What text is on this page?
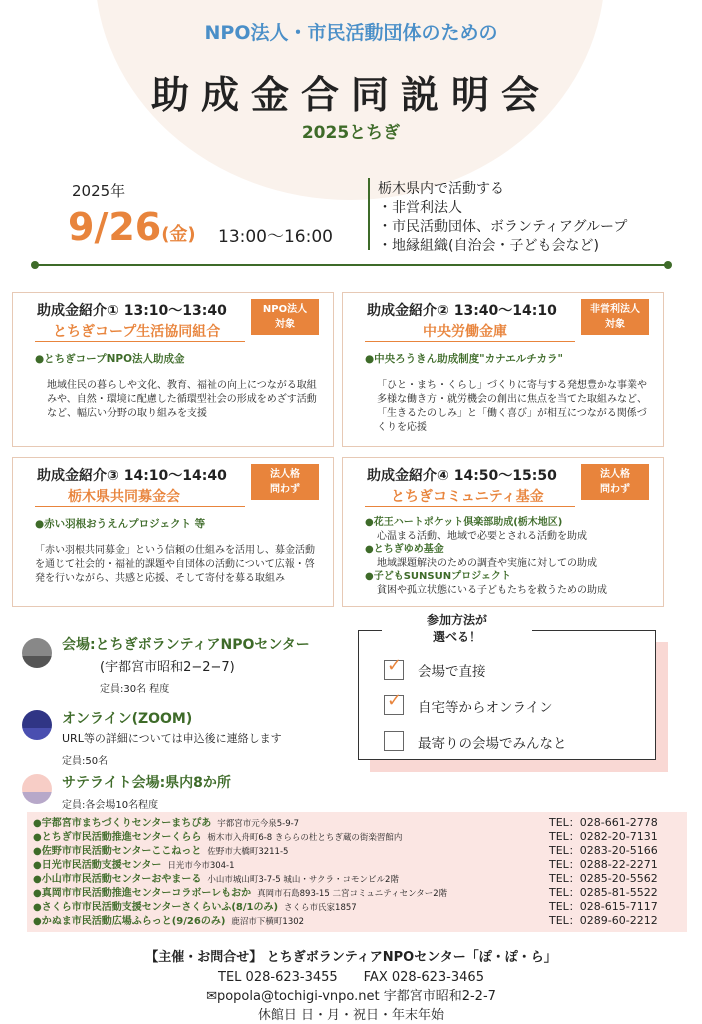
NPO法人・市民活動団体のための
助成金合同説明会
2025とちぎ
2025年
9/26(金) 13:00〜16:00
栃木県内で活動する
・非営利法人
・市民活動団体、ボランティアグループ
・地縁組織(自治会・子ども会など)
助成金紹介① 13:10〜13:40
とちぎコープ生活協同組合
NPO法人
対象
●とちぎコープNPO法人助成金
地域住民の暮らしや文化、教育、福祉の向上につながる取組みや、自然・環境に配慮した循環型社会の形成をめざす活動など、幅広い分野の取り組みを支援
助成金紹介② 13:40〜14:10
中央労働金庫
非営利法人
対象
●中央ろうきん助成制度"カナエルチカラ"
「ひと・まち・くらし」づくりに寄与する発想豊かな事業や多様な働き方・就労機会の創出に焦点を当てた取組みなど、「生きるたのしみ」と「働く喜び」が相互につながる関係づくりを応援
助成金紹介③ 14:10〜14:40
栃木県共同募金会
法人格
問わず
●赤い羽根おうえんプロジェクト 等
「赤い羽根共同募金」という信頼の仕組みを活用し、募金活動を通じて社会的・福祉的課題や自団体の活動について広報・啓発を行いながら、共感と応援、そして寄付を募る取組み
助成金紹介④ 14:50〜15:50
とちぎコミュニティ基金
法人格
問わず
●花王ハートポケット倶楽部助成(栃木地区)
心温まる活動、地域で必要とされる活動を助成
●とちぎゆめ基金
地域課題解決のための調査や実施に対しての助成
●子どもSUNSUNプロジェクト
貧困や孤立状態にいる子どもたちを救うための助成
会場:とちぎボランティアNPOセンター
(宇都宮市昭和2−2−7)
定員:30名 程度
オンライン(ZOOM)
URL等の詳細については申込後に連絡します
定員:50名
サテライト会場:県内8か所
定員:各会場10名程度
参加方法が
選べる！
✓ 会場で直接
✓ 自宅等からオンライン
最寄りの会場でみんなと
●宇都宮市まちづくりセンターまちぴあ 宇都宮市元今泉5-9-7	TEL：028-661-2778
●とちぎ市民活動推進センターくらら 栃木市入舟町6-8 きららの杜とちぎ蔵の街楽習館内	TEL：0282-20-7131
●佐野市市民活動センターここねっと 佐野市大橋町3211-5	TEL：0283-20-5166
●日光市民活動支援センター 日光市今市304-1	TEL：0288-22-2271
●小山市市民活動センターおやまーる 小山市城山町3-7-5 城山・サクラ・コモンビル2階	TEL：0285-20-5562
●真岡市市民活動推進センターコラボーレもおか 真岡市石島893-15 二宮コミュニティセンター2階	TEL：0285-81-5522
●さくら市市民活動支援センターさくらいふ(8/1のみ) さくら市氏家1857	TEL：028-615-7117
●かぬま市民活動広場ふらっと(9/26のみ) 鹿沼市下横町1302	TEL：0289-60-2212
【主催・お問合せ】 とちぎボランティアNPOセンター「ぽ・ぽ・ら」
TEL 028-623-3455　　FAX 028-623-3465
✉popola@tochigi-vnpo.net 宇都宮市昭和2-2-7
休館日 日・月・祝日・年末年始
